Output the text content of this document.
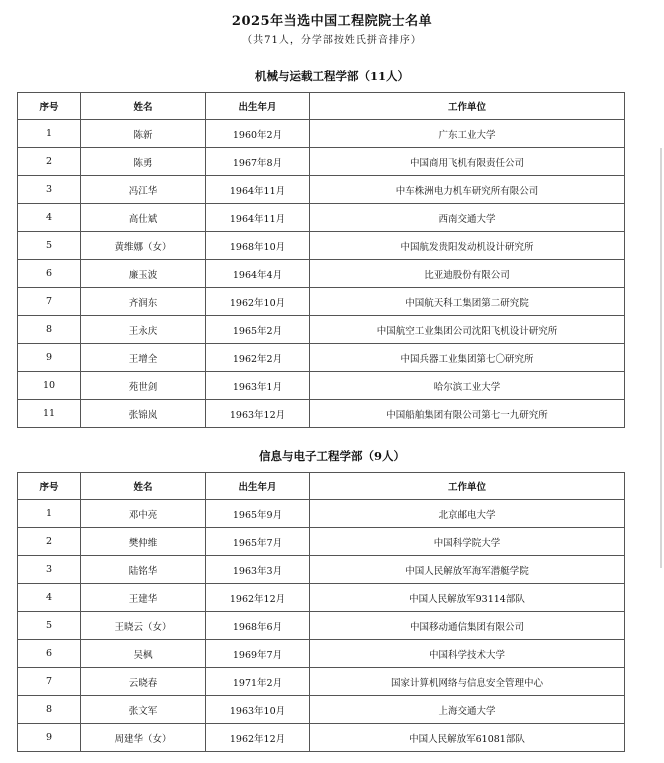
2025年当选中国工程院院士名单
（共71人，分学部按姓氏拼音排序）
机械与运载工程学部（11人）
序号	姓名	出生年月	工作单位
1	陈新	1960年2月	广东工业大学
2	陈勇	1967年8月	中国商用飞机有限责任公司
3	冯江华	1964年11月	中车株洲电力机车研究所有限公司
4	高仕斌	1964年11月	西南交通大学
5	黄维娜（女）	1968年10月	中国航发贵阳发动机设计研究所
6	廉玉波	1964年4月	比亚迪股份有限公司
7	齐润东	1962年10月	中国航天科工集团第二研究院
8	王永庆	1965年2月	中国航空工业集团公司沈阳飞机设计研究所
9	王增全	1962年2月	中国兵器工业集团第七〇研究所
10	苑世剑	1963年1月	哈尔滨工业大学
11	张锦岚	1963年12月	中国船舶集团有限公司第七一九研究所
信息与电子工程学部（9人）
序号	姓名	出生年月	工作单位
1	邓中亮	1965年9月	北京邮电大学
2	樊仲维	1965年7月	中国科学院大学
3	陆铭华	1963年3月	中国人民解放军海军潜艇学院
4	王建华	1962年12月	中国人民解放军93114部队
5	王晓云（女）	1968年6月	中国移动通信集团有限公司
6	吴枫	1969年7月	中国科学技术大学
7	云晓春	1971年2月	国家计算机网络与信息安全管理中心
8	张文军	1963年10月	上海交通大学
9	周建华（女）	1962年12月	中国人民解放军61081部队
